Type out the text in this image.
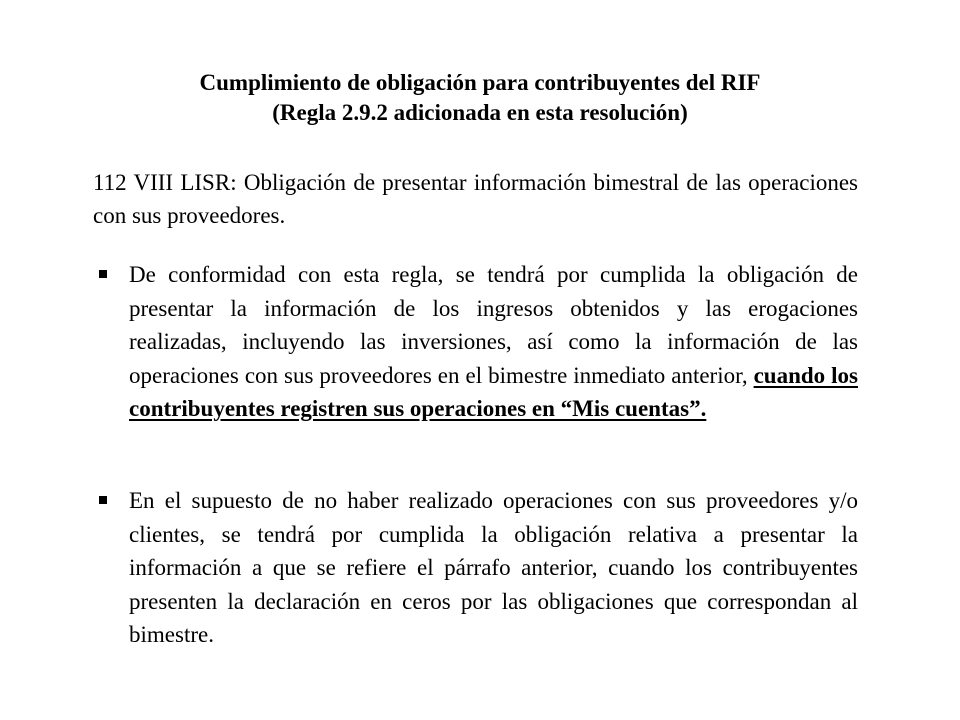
Cumplimiento de obligación para contribuyentes del RIF
(Regla 2.9.2 adicionada en esta resolución)
112 VIII LISR: Obligación de presentar información bimestral de las operaciones con sus proveedores.
De conformidad con esta regla, se tendrá por cumplida la obligación de presentar la información de los ingresos obtenidos y las erogaciones realizadas, incluyendo las inversiones, así como la información de las operaciones con sus proveedores en el bimestre inmediato anterior, cuando los contribuyentes registren sus operaciones en “Mis cuentas”.
En el supuesto de no haber realizado operaciones con sus proveedores y/o clientes, se tendrá por cumplida la obligación relativa a presentar la información a que se refiere el párrafo anterior, cuando los contribuyentes presenten la declaración en ceros por las obligaciones que correspondan al bimestre.
